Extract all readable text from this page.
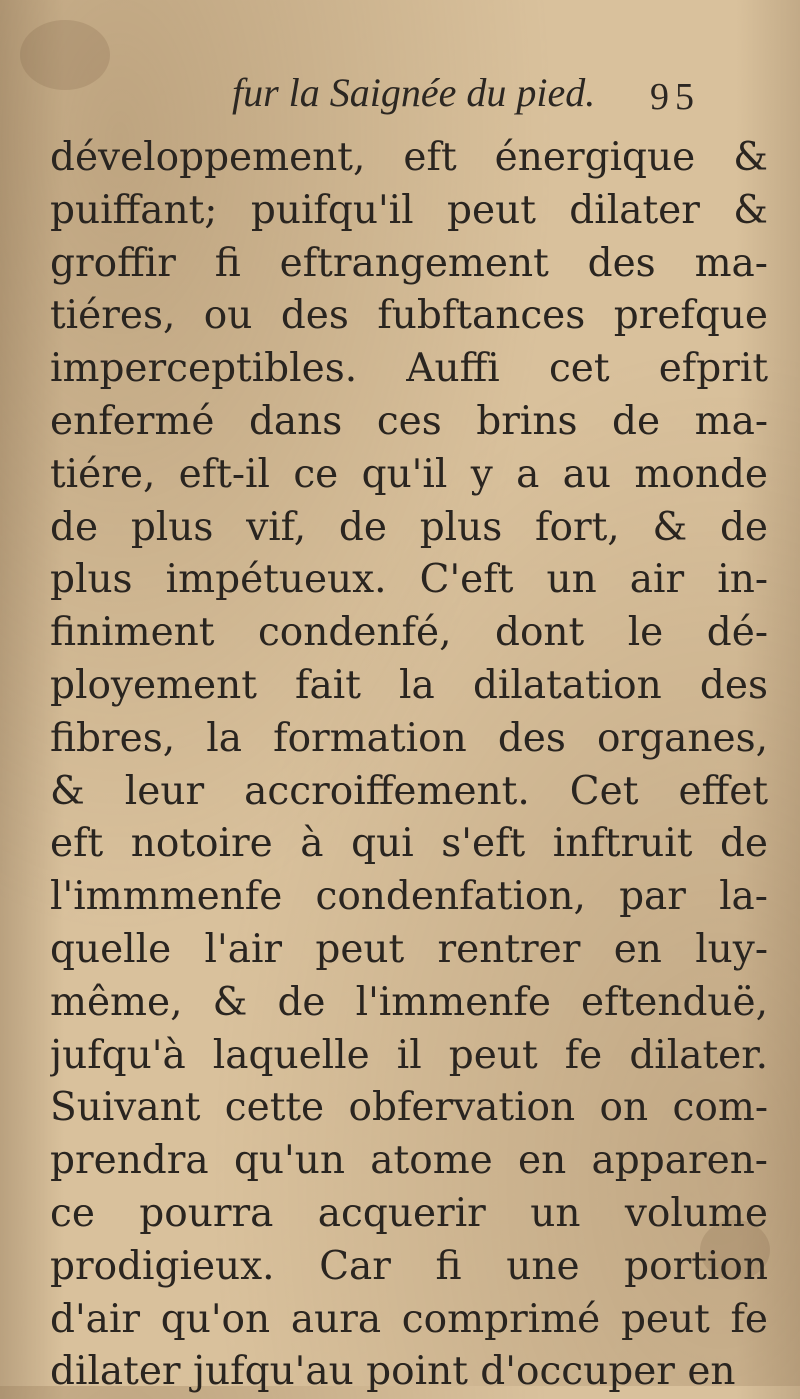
fur la Saignée du pied. 95
développement, eft énergique &
puiffant; puifqu'il peut dilater &
groffir fi eftrangement des ma-
tiéres, ou des fubftances prefque
imperceptibles. Auffi cet efprit
enfermé dans ces brins de ma-
tiére, eft-il ce qu'il y a au monde
de plus vif, de plus fort, & de
plus impétueux. C'eft un air in-
finiment condenfé, dont le dé-
ployement fait la dilatation des
fibres, la formation des organes,
& leur accroiffement. Cet effet
eft notoire à qui s'eft inftruit de
l'immmenfe condenfation, par la-
quelle l'air peut rentrer en luy-
même, & de l'immenfe eftenduë,
jufqu'à laquelle il peut fe dilater.
Suivant cette obfervation on com-
prendra qu'un atome en apparen-
ce pourra acquerir un volume
prodigieux. Car fi une portion
d'air qu'on aura comprimé peut fe
dilater jufqu'au point d'occuper en
